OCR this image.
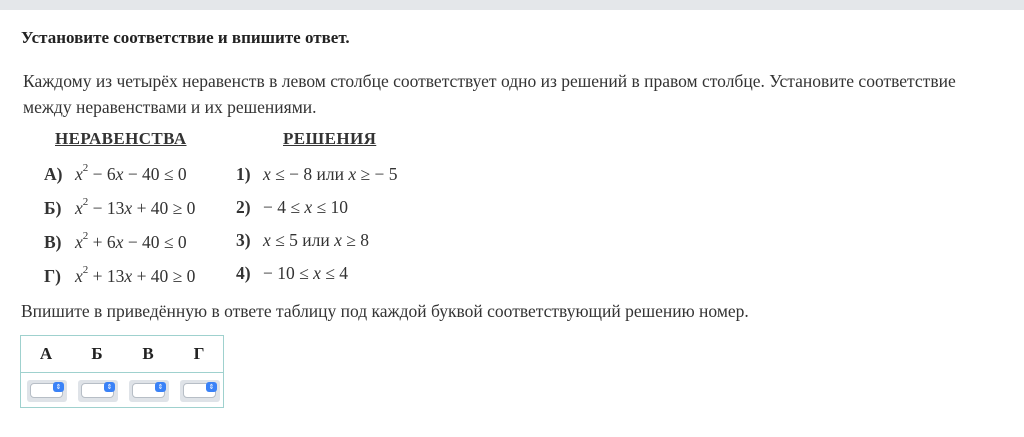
Установите соответствие и впишите ответ.
Каждому из четырёх неравенств в левом столбце соответствует одно из решений в правом столбце. Установите соответствие между неравенствами и их решениями.
НЕРАВЕНСТВА	РЕШЕНИЯ
А) $x^2 - 6x - 40 \le 0$
Б) $x^2 - 13x + 40 \ge 0$
В) $x^2 + 6x - 40 \le 0$
Г) $x^2 + 13x + 40 \ge 0$
1) x ≤ − 8 или x ≥ − 5
2) − 4 ≤ x ≤ 10
3) x ≤ 5 или x ≥ 8
4) − 10 ≤ x ≤ 4
Впишите в приведённую в ответе таблицу под каждой буквой соответствующий решению номер.
А	Б	В	Г
⇕	⇕	⇕	⇕
